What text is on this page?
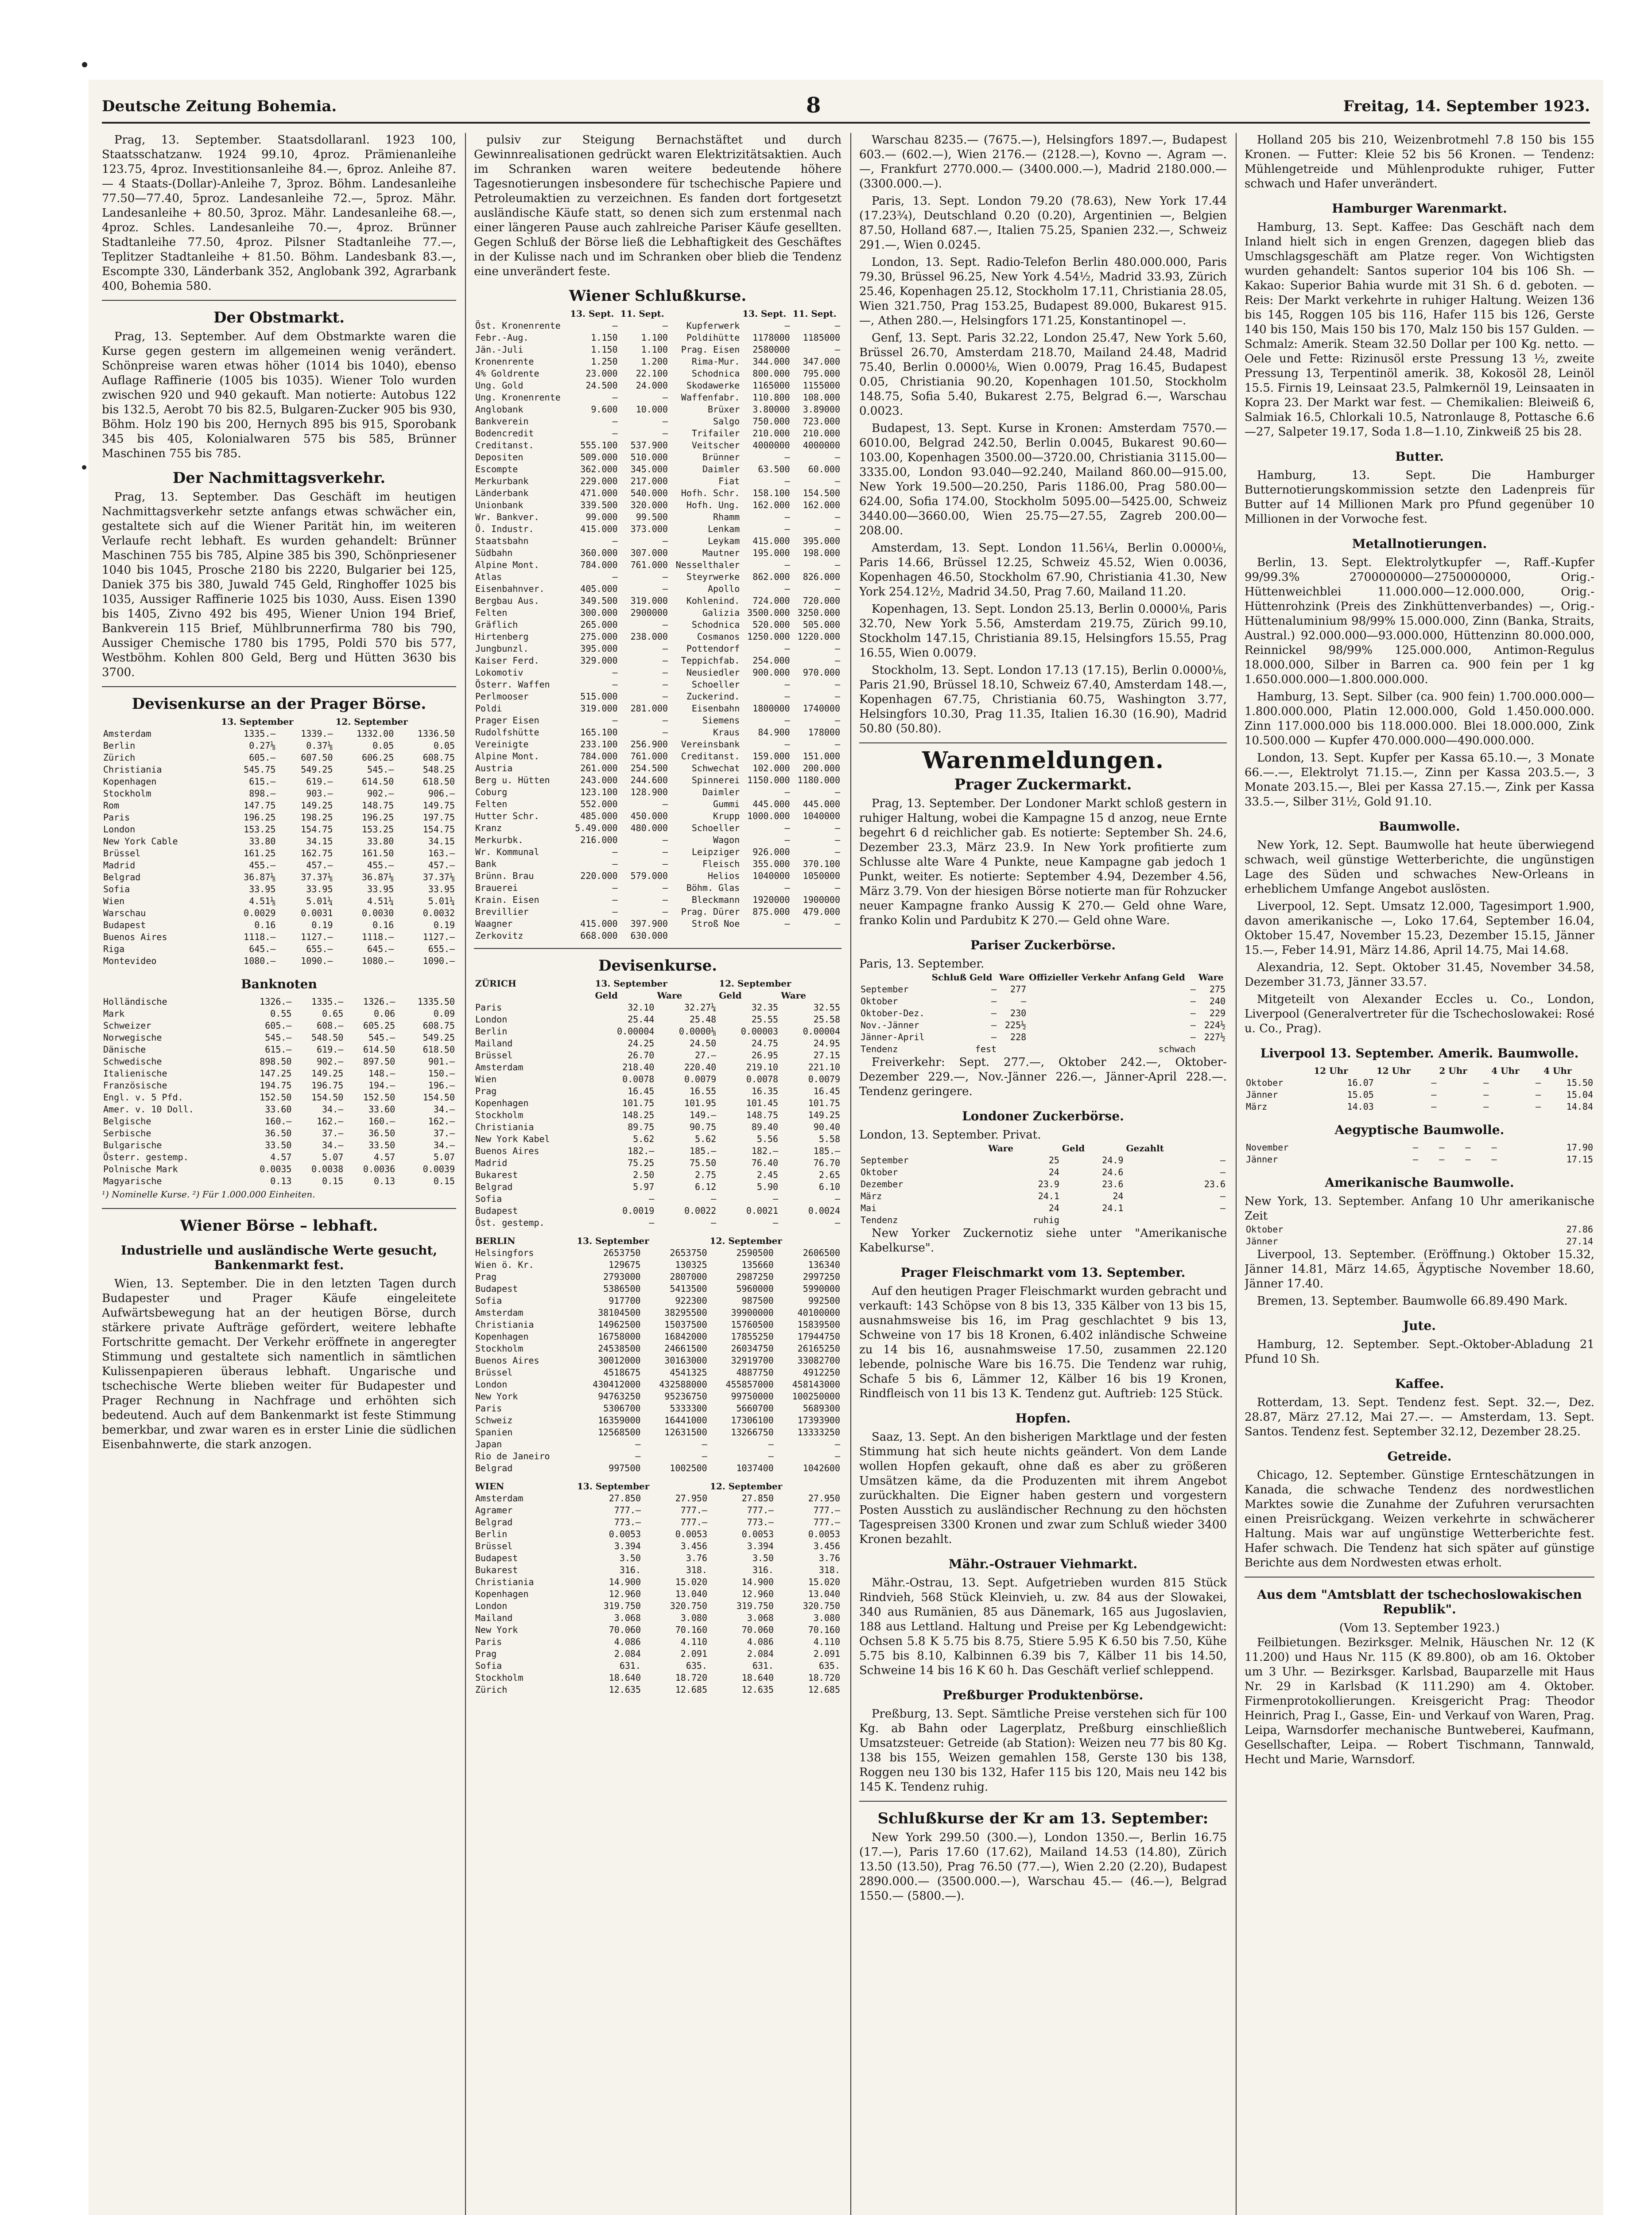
Deutsche Zeitung Bohemia.	8	Freitag, 14. September 1923.

Prag, 13. September. Staatsdollaranl. 1923 100, Staatsschatzanw. 1924 99.10, 4proz. Prämienanleihe 123.75, 4proz. Investitionsanleihe 84.—, 6proz. Anleihe 87.— 4 Staats-(Dollar)-Anleihe 7, 3proz. Böhm. Landesanleihe 77.50—77.40, 5proz. Landesanleihe 72.—, 5proz. Mähr. Landesanleihe + 80.50, 3proz. Mähr. Landesanleihe 68.—, 4proz. Schles. Landesanleihe 70.—, 4proz. Brünner Stadtanleihe 77.50, 4proz. Pilsner Stadtanleihe 77.—, Teplitzer Stadtanleihe + 81.50. Böhm. Landesbank 83.—, Escompte 330, Länderbank 352, Anglobank 392, Agrarbank 400, Bohemia 580.

Der Obstmarkt.

Prag, 13. September. Auf dem Obstmarkte waren die Kurse gegen gestern im allgemeinen wenig verändert. Schönpreise waren etwas höher (1014 bis 1040), ebenso Auflage Raffinerie (1005 bis 1035). Wiener Tolo wurden zwischen 920 und 940 gekauft. Man notierte: Autobus 122 bis 132.5, Aerobt 70 bis 82.5, Bulgaren-Zucker 905 bis 930, Böhm. Holz 190 bis 200, Hernych 895 bis 915, Sporobank 345 bis 405, Kolonialwaren 575 bis 585, Brünner Maschinen 755 bis 785.

Der Nachmittagsverkehr.

Prag, 13. September. Das Geschäft im heutigen Nachmittagsverkehr setzte anfangs etwas schwächer ein, gestaltete sich auf die Wiener Parität hin, im weiteren Verlaufe recht lebhaft. Es wurden gehandelt: Brünner Maschinen 755 bis 785, Alpine 385 bis 390, Schönpriesener 1040 bis 1045, Prosche 2180 bis 2220, Bulgarier bei 125, Daniek 375 bis 380, Juwald 745 Geld, Ringhoffer 1025 bis 1035, Aussiger Raffinerie 1025 bis 1030, Auss. Eisen 1390 bis 1405, Zivno 492 bis 495, Wiener Union 194 Brief, Bankverein 115 Brief, Mühlbrunnerfirma 780 bis 790, Aussiger Chemische 1780 bis 1795, Poldi 570 bis 577, Westböhm. Kohlen 800 Geld, Berg und Hütten 3630 bis 3700.

Devisenkurse an der Prager Börse.
	13. September		12. September	
Amsterdam	1335.—	1339.—	1332.00	1336.50
Berlin	0.27⅛	0.37⅛	0.05	0.05
Zürich	605.—	607.50	606.25	608.75
Christiania	545.75	549.25	545.—	548.25
Kopenhagen	615.—	619.—	614.50	618.50
Stockholm	898.—	903.—	902.—	906.—
Rom	147.75	149.25	148.75	149.75
Paris	196.25	198.25	196.25	197.75
London	153.25	154.75	153.25	154.75
New York Cable	33.80	34.15	33.80	34.15
Brüssel	161.25	162.75	161.50	163.—
Madrid	455.—	457.—	455.—	457.—
Belgrad	36.87⅛	37.37⅛	36.87⅛	37.37⅛
Sofia	33.95	33.95	33.95	33.95
Wien	4.51⅛	5.01¼	4.51¼	5.01¼
Warschau	0.0029	0.0031	0.0030	0.0032
Budapest	0.16	0.19	0.16	0.19
Buenos Aires	1118.—	1127.—	1118.—	1127.—
Riga	645.—	655.—	645.—	655.—
Montevideo	1080.—	1090.—	1080.—	1090.—
Banknoten
Holländische	1326.—	1335.—	1326.—	1335.50
Mark	0.55	0.65	0.06	0.09
Schweizer	605.—	608.—	605.25	608.75
Norwegische	545.—	548.50	545.—	549.25
Dänische	615.—	619.—	614.50	618.50
Schwedische	898.50	902.—	897.50	901.—
Italienische	147.25	149.25	148.—	150.—
Französische	194.75	196.75	194.—	196.—
Engl. v. 5 Pfd.	152.50	154.50	152.50	154.50
Amer. v. 10 Doll.	33.60	34.—	33.60	34.—
Belgische	160.—	162.—	160.—	162.—
Serbische	36.50	37.—	36.50	37.—
Bulgarische	33.50	34.—	33.50	34.—
Österr. gestemp.	4.57	5.07	4.57	5.07
Polnische Mark	0.0035	0.0038	0.0036	0.0039
Magyarische	0.13	0.15	0.13	0.15
¹) Nominelle Kurse. ²) Für 1.000.000 Einheiten.
Wiener Börse – lebhaft.
Industrielle und ausländische Werte gesucht, Bankenmarkt fest.

Wien, 13. September. Die in den letzten Tagen durch Budapester und Prager Käufe eingeleitete Aufwärtsbewegung hat an der heutigen Börse, durch stärkere private Aufträge gefördert, weitere lebhafte Fortschritte gemacht. Der Verkehr eröffnete in angeregter Stimmung und gestaltete sich namentlich in sämtlichen Kulissenpapieren überaus lebhaft. Ungarische und tschechische Werte blieben weiter für Budapester und Prager Rechnung in Nachfrage und erhöhten sich bedeutend. Auch auf dem Bankenmarkt ist feste Stimmung bemerkbar, und zwar waren es in erster Linie die südlichen Eisenbahnwerte, die stark anzogen.

pulsiv zur Steigung Bernachstäftet und durch Gewinnrealisationen gedrückt waren Elektrizitätsaktien. Auch im Schranken waren weitere bedeutende höhere Tagesnotierungen insbesondere für tschechische Papiere und Petroleumaktien zu verzeichnen. Es fanden dort fortgesetzt ausländische Käufe statt, so denen sich zum erstenmal nach einer längeren Pause auch zahlreiche Pariser Käufe gesellten. Gegen Schluß der Börse ließ die Lebhaftigkeit des Geschäftes in der Kulisse nach und im Schranken ober blieb die Tendenz eine unverändert feste.

Wiener Schlußkurse.
	13. Sept.	11. Sept.		13. Sept.	11. Sept.
Öst. Kronenrente	—	—	Kupferwerk	—	—
Febr.-Aug.	1.150	1.100	Poldihütte	1178000	1185000
Jän.-Juli	1.150	1.100	Prag. Eisen	2580000	—
Kronenrente	1.250	1.200	Rima-Mur.	344.000	347.000
4% Goldrente	23.000	22.100	Schodnica	800.000	795.000
Ung. Gold	24.500	24.000	Skodawerke	1165000	1155000
Ung. Kronenrente	—	—	Waffenfabr.	110.800	108.000
Anglobank	9.600	10.000	Brüxer	3.80000	3.89000
Bankverein	—	—	Salgo	750.000	723.000
Bodencredit	—	—	Trifailer	210.000	210.000
Creditanst.	555.100	537.900	Veitscher	4000000	4000000
Depositen	509.000	510.000	Brünner	—	—
Escompte	362.000	345.000	Daimler	63.500	60.000
Merkurbank	229.000	217.000	Fiat	—	—
Länderbank	471.000	540.000	Hofh. Schr.	158.100	154.500
Unionbank	339.500	320.000	Hofh. Ung.	162.000	162.000
Wr. Bankver.	99.000	99.500	Rhamm	—	—
Ö. Industr.	415.000	373.000	Lenkam	—	—
Staatsbahn	—	—	Leykam	415.000	395.000
Südbahn	360.000	307.000	Mautner	195.000	198.000
Alpine Mont.	784.000	761.000	Nesselthaler	—	—
Atlas	—	—	Steyrwerke	862.000	826.000
Eisenbahnver.	405.000	—	Apollo	—	—
Bergbau Aus.	349.500	319.000	Kohlenind.	724.000	720.000
Felten	300.000	2900000	Galizia	3500.000	3250.000
Gräflich	265.000	—	Schodnica	520.000	505.000
Hirtenberg	275.000	238.000	Cosmanos	1250.000	1220.000
Jungbunzl.	395.000	—	Pottendorf	—	—
Kaiser Ferd.	329.000	—	Teppichfab.	254.000	—
Lokomotiv	—	—	Neusiedler	900.000	970.000
Österr. Waffen	—	—	Schoeller	—	—
Perlmooser	515.000	—	Zuckerind.	—	—
Poldi	319.000	281.000	Eisenbahn	1800000	1740000
Prager Eisen	—	—	Siemens	—	—
Rudolfshütte	165.100	—	Kraus	84.900	178000
Vereinigte	233.100	256.900	Vereinsbank	—	—
Alpine Mont.	784.000	761.000	Creditanst.	159.000	151.000
Austria	261.000	254.500	Schwechat	102.000	200.000
Berg u. Hütten	243.000	244.600	Spinnerei	1150.000	1180.000
Coburg	123.100	128.900	Daimler	—	—
Felten	552.000	—	Gummi	445.000	445.000
Hutter Schr.	485.000	450.000	Krupp	1000.000	1040000
Kranz	5.49.000	480.000	Schoeller	—	—
Merkurbk.	216.000	—	Wagon	—	—
Wr. Kommunal	—	—	Leipziger	926.000	—
Bank	—	—	Fleisch	355.000	370.100
Brünn. Brau	220.000	579.000	Helios	1040000	1050000
Brauerei	—	—	Böhm. Glas	—	—
Krain. Eisen	—	—	Bleckmann	1920000	1900000
Brevillier	—	—	Prag. Dürer	875.000	479.000
Waagner	415.000	397.900	Stroß Noe	—	—
Zerkovitz	668.000	630.000			
Devisenkurse.
ZÜRICH	13. September		12. September	
	Geld	Ware	Geld	Ware
Paris	32.10	32.27¼	32.35	32.55
London	25.44	25.48	25.55	25.58
Berlin	0.00004	0.0000⅛	0.00003	0.00004
Mailand	24.25	24.50	24.75	24.95
Brüssel	26.70	27.—	26.95	27.15
Amsterdam	218.40	220.40	219.10	221.10
Wien	0.0078	0.0079	0.0078	0.0079
Prag	16.45	16.55	16.35	16.45
Kopenhagen	101.75	101.95	101.45	101.75
Stockholm	148.25	149.—	148.75	149.25
Christiania	89.75	90.75	89.40	90.40
New York Kabel	5.62	5.62	5.56	5.58
Buenos Aires	182.—	185.—	182.—	185.—
Madrid	75.25	75.50	76.40	76.70
Bukarest	2.50	2.75	2.45	2.65
Belgrad	5.97	6.12	5.90	6.10
Sofia	—	—	—	—
Budapest	0.0019	0.0022	0.0021	0.0024
Öst. gestemp.	—	—	—	—
BERLIN	13. September		12. September	
Helsingfors	2653750	2653750	2590500	2606500
Wien ö. Kr.	129675	130325	135660	136340
Prag	2793000	2807000	2987250	2997250
Budapest	5386500	5413500	5960000	5990000
Sofia	917700	922300	987500	992500
Amsterdam	38104500	38295500	39900000	40100000
Christiania	14962500	15037500	15760500	15839500
Kopenhagen	16758000	16842000	17855250	17944750
Stockholm	24538500	24661500	26034750	26165250
Buenos Aires	30012000	30163000	32919700	33082700
Brüssel	4518675	4541325	4887750	4912250
London	430412000	432588000	455857000	458143000
New York	94763250	95236750	99750000	100250000
Paris	5306700	5333300	5660700	5689300
Schweiz	16359000	16441000	17306100	17393900
Spanien	12568500	12631500	13266750	13333250
Japan	—	—	—	—
Rio de Janeiro	—	—	—	—
Belgrad	997500	1002500	1037400	1042600
WIEN	13. September		12. September	
Amsterdam	27.850	27.950	27.850	27.950
Agramer	777.—	777.—	777.—	777.—
Belgrad	773.—	777.—	773.—	777.—
Berlin	0.0053	0.0053	0.0053	0.0053
Brüssel	3.394	3.456	3.394	3.456
Budapest	3.50	3.76	3.50	3.76
Bukarest	316.	318.	316.	318.
Christiania	14.900	15.020	14.900	15.020
Kopenhagen	12.960	13.040	12.960	13.040
London	319.750	320.750	319.750	320.750
Mailand	3.068	3.080	3.068	3.080
New York	70.060	70.160	70.060	70.160
Paris	4.086	4.110	4.086	4.110
Prag	2.084	2.091	2.084	2.091
Sofia	631.	635.	631.	635.
Stockholm	18.640	18.720	18.640	18.720
Zürich	12.635	12.685	12.635	12.685

Warschau 8235.— (7675.—), Helsingfors 1897.—, Budapest 603.— (602.—), Wien 2176.— (2128.—), Kovno —. Agram —.—, Frankfurt 2770.000.— (3400.000.—), Madrid 2180.000.— (3300.000.—).

Paris, 13. Sept. London 79.20 (78.63), New York 17.44 (17.23¾), Deutschland 0.20 (0.20), Argentinien —, Belgien 87.50, Holland 687.—, Italien 75.25, Spanien 232.—, Schweiz 291.—, Wien 0.0245.

London, 13. Sept. Radio-Telefon Berlin 480.000.000, Paris 79.30, Brüssel 96.25, New York 4.54½, Madrid 33.93, Zürich 25.46, Kopenhagen 25.12, Stockholm 17.11, Christiania 28.05, Wien 321.750, Prag 153.25, Budapest 89.000, Bukarest 915.—, Athen 280.—, Helsingfors 171.25, Konstantinopel —.

Genf, 13. Sept. Paris 32.22, London 25.47, New York 5.60, Brüssel 26.70, Amsterdam 218.70, Mailand 24.48, Madrid 75.40, Berlin 0.0000⅛, Wien 0.0079, Prag 16.45, Budapest 0.05, Christiania 90.20, Kopenhagen 101.50, Stockholm 148.75, Sofia 5.40, Bukarest 2.75, Belgrad 6.—, Warschau 0.0023.

Budapest, 13. Sept. Kurse in Kronen: Amsterdam 7570.—6010.00, Belgrad 242.50, Berlin 0.0045, Bukarest 90.60—103.00, Kopenhagen 3500.00—3720.00, Christiania 3115.00—3335.00, London 93.040—92.240, Mailand 860.00—915.00, New York 19.500—20.250, Paris 1186.00, Prag 580.00—624.00, Sofia 174.00, Stockholm 5095.00—5425.00, Schweiz 3440.00—3660.00, Wien 25.75—27.55, Zagreb 200.00—208.00.

Amsterdam, 13. Sept. London 11.56¼, Berlin 0.0000⅛, Paris 14.66, Brüssel 12.25, Schweiz 45.52, Wien 0.0036, Kopenhagen 46.50, Stockholm 67.90, Christiania 41.30, New York 254.12½, Madrid 34.50, Prag 7.60, Mailand 11.20.

Kopenhagen, 13. Sept. London 25.13, Berlin 0.0000⅛, Paris 32.70, New York 5.56, Amsterdam 219.75, Zürich 99.10, Stockholm 147.15, Christiania 89.15, Helsingfors 15.55, Prag 16.55, Wien 0.0079.

Stockholm, 13. Sept. London 17.13 (17.15), Berlin 0.0000⅛, Paris 21.90, Brüssel 18.10, Schweiz 67.40, Amsterdam 148.—, Kopenhagen 67.75, Christiania 60.75, Washington 3.77, Helsingfors 10.30, Prag 11.35, Italien 16.30 (16.90), Madrid 50.80 (50.80).

Warenmeldungen.
Prager Zuckermarkt.

Prag, 13. September. Der Londoner Markt schloß gestern in ruhiger Haltung, wobei die Kampagne 15 d anzog, neue Ernte begehrt 6 d reichlicher gab. Es notierte: September Sh. 24.6, Dezember 23.3, März 23.9. In New York profitierte zum Schlusse alte Ware 4 Punkte, neue Kampagne gab jedoch 1 Punkt, weiter. Es notierte: September 4.94, Dezember 4.56, März 3.79. Von der hiesigen Börse notierte man für Rohzucker neuer Kampagne franko Aussig K 270.— Geld ohne Ware, franko Kolin und Pardubitz K 270.— Geld ohne Ware.

Pariser Zuckerbörse.
Paris, 13. September.
	Schluß Geld	Ware	Offizieller Verkehr Anfang Geld	Ware
September	—	277	—	275
Oktober	—	—	—	240
Oktober-Dez.	—	230	—	229
Nov.-Jänner	—	225½	—	224½
Jänner-April	—	228	—	227½
Tendenz	fest		schwach	

Freiverkehr: Sept. 277.—, Oktober 242.—, Oktober-Dezember 229.—, Nov.-Jänner 226.—, Jänner-April 228.—. Tendenz geringere.

Londoner Zuckerbörse.
London, 13. September. Privat.
	Ware	Geld	Gezahlt
September	25	24.9	—
Oktober	24	24.6	—
Dezember	23.9	23.6	23.6
März	24.1	24	—
Mai	24	24.1	—
Tendenz	ruhig		

New Yorker Zuckernotiz siehe unter "Amerikanische Kabelkurse".

Prager Fleischmarkt vom 13. September.

Auf den heutigen Prager Fleischmarkt wurden gebracht und verkauft: 143 Schöpse von 8 bis 13, 335 Kälber von 13 bis 15, ausnahmsweise bis 16, im Prag geschlachtet 9 bis 13, Schweine von 17 bis 18 Kronen, 6.402 inländische Schweine zu 14 bis 16, ausnahmsweise 17.50, zusammen 22.120 lebende, polnische Ware bis 16.75. Die Tendenz war ruhig, Schafe 5 bis 6, Lämmer 12, Kälber 16 bis 19 Kronen, Rindfleisch von 11 bis 13 K. Tendenz gut. Auftrieb: 125 Stück.

Hopfen.

Saaz, 13. Sept. An den bisherigen Marktlage und der festen Stimmung hat sich heute nichts geändert. Von dem Lande wollen Hopfen gekauft, ohne daß es aber zu größeren Umsätzen käme, da die Produzenten mit ihrem Angebot zurückhalten. Die Eigner haben gestern und vorgestern Posten Ausstich zu ausländischer Rechnung zu den höchsten Tagespreisen 3300 Kronen und zwar zum Schluß wieder 3400 Kronen bezahlt.

Mähr.-Ostrauer Viehmarkt.

Mähr.-Ostrau, 13. Sept. Aufgetrieben wurden 815 Stück Rindvieh, 568 Stück Kleinvieh, u. zw. 84 aus der Slowakei, 340 aus Rumänien, 85 aus Dänemark, 165 aus Jugoslavien, 188 aus Lettland. Haltung und Preise per Kg Lebendgewicht: Ochsen 5.8 K 5.75 bis 8.75, Stiere 5.95 K 6.50 bis 7.50, Kühe 5.75 bis 8.10, Kalbinnen 6.39 bis 7, Kälber 11 bis 14.50, Schweine 14 bis 16 K 60 h. Das Geschäft verlief schleppend.

Preßburger Produktenbörse.

Preßburg, 13. Sept. Sämtliche Preise verstehen sich für 100 Kg. ab Bahn oder Lagerplatz, Preßburg einschließlich Umsatzsteuer: Getreide (ab Station): Weizen neu 77 bis 80 Kg. 138 bis 155, Weizen gemahlen 158, Gerste 130 bis 138, Roggen neu 130 bis 132, Hafer 115 bis 120, Mais neu 142 bis 145 K. Tendenz ruhig.

Schlußkurse der Kr am 13. September:

New York 299.50 (300.—), London 1350.—, Berlin 16.75 (17.—), Paris 17.60 (17.62), Mailand 14.53 (14.80), Zürich 13.50 (13.50), Prag 76.50 (77.—), Wien 2.20 (2.20), Budapest 2890.000.— (3500.000.—), Warschau 45.— (46.—), Belgrad 1550.— (5800.—).

Holland 205 bis 210, Weizenbrotmehl 7.8 150 bis 155 Kronen. — Futter: Kleie 52 bis 56 Kronen. — Tendenz: Mühlengetreide und Mühlenprodukte ruhiger, Futter schwach und Hafer unverändert.

Hamburger Warenmarkt.

Hamburg, 13. Sept. Kaffee: Das Geschäft nach dem Inland hielt sich in engen Grenzen, dagegen blieb das Umschlagsgeschäft am Platze reger. Von Wichtigsten wurden gehandelt: Santos superior 104 bis 106 Sh. — Kakao: Superior Bahia wurde mit 31 Sh. 6 d. geboten. — Reis: Der Markt verkehrte in ruhiger Haltung. Weizen 136 bis 145, Roggen 105 bis 116, Hafer 115 bis 126, Gerste 140 bis 150, Mais 150 bis 170, Malz 150 bis 157 Gulden. — Schmalz: Amerik. Steam 32.50 Dollar per 100 Kg. netto. — Oele und Fette: Rizinusöl erste Pressung 13 ½, zweite Pressung 13, Terpentinöl amerik. 38, Kokosöl 28, Leinöl 15.5. Firnis 19, Leinsaat 23.5, Palmkernöl 19, Leinsaaten in Kopra 23. Der Markt war fest. — Chemikalien: Bleiweiß 6, Salmiak 16.5, Chlorkali 10.5, Natronlauge 8, Pottasche 6.6—27, Salpeter 19.17, Soda 1.8—1.10, Zinkweiß 25 bis 28.

Butter.

Hamburg, 13. Sept. Die Hamburger Butternotierungskommission setzte den Ladenpreis für Butter auf 14 Millionen Mark pro Pfund gegenüber 10 Millionen in der Vorwoche fest.

Metallnotierungen.

Berlin, 13. Sept. Elektrolytkupfer —, Raff.-Kupfer 99/99.3% 2700000000—2750000000, Orig.-Hüttenweichblei 11.000.000—12.000.000, Orig.-Hüttenrohzink (Preis des Zinkhüttenverbandes) —, Orig.-Hüttenaluminium 98/99% 15.000.000, Zinn (Banka, Straits, Austral.) 92.000.000—93.000.000, Hüttenzinn 80.000.000, Reinnickel 98/99% 125.000.000, Antimon-Regulus 18.000.000, Silber in Barren ca. 900 fein per 1 kg 1.650.000.000—1.800.000.000.

Hamburg, 13. Sept. Silber (ca. 900 fein) 1.700.000.000—1.800.000.000, Platin 12.000.000, Gold 1.450.000.000. Zinn 117.000.000 bis 118.000.000. Blei 18.000.000, Zink 10.500.000 — Kupfer 470.000.000—490.000.000.

London, 13. Sept. Kupfer per Kassa 65.10.—, 3 Monate 66.—.—, Elektrolyt 71.15.—, Zinn per Kassa 203.5.—, 3 Monate 203.15.—, Blei per Kassa 27.15.—, Zink per Kassa 33.5.—, Silber 31½, Gold 91.10.

Baumwolle.

New York, 12. Sept. Baumwolle hat heute überwiegend schwach, weil günstige Wetterberichte, die ungünstigen Lage des Süden und schwaches New-Orleans in erheblichem Umfange Angebot auslösten.

Liverpool, 12. Sept. Umsatz 12.000, Tagesimport 1.900, davon amerikanische —, Loko 17.64, September 16.04, Oktober 15.47, November 15.23, Dezember 15.15, Jänner 15.—, Feber 14.91, März 14.86, April 14.75, Mai 14.68.

Alexandria, 12. Sept. Oktober 31.45, November 34.58, Dezember 31.73, Jänner 33.57.

Mitgeteilt von Alexander Eccles u. Co., London, Liverpool (Generalvertreter für die Tschechoslowakei: Rosé u. Co., Prag).

Liverpool 13. September. Amerik. Baumwolle.
	12 Uhr	12 Uhr	2 Uhr	4 Uhr	4 Uhr
Oktober	16.07	—	—	—	15.50
Jänner	15.05	—	—	—	15.04
März	14.03	—	—	—	14.84
Aegyptische Baumwolle.
November	—	—	—	—	17.90
Jänner	—	—	—	—	17.15
Amerikanische Baumwolle.
New York, 13. September. Anfang 10 Uhr amerikanische Zeit
Oktober	27.86
Jänner	27.14

Liverpool, 13. September. (Eröffnung.) Oktober 15.32, Jänner 14.81, März 14.65, Ägyptische November 18.60, Jänner 17.40.

Bremen, 13. September. Baumwolle 66.89.490 Mark.

Jute.

Hamburg, 12. September. Sept.-Oktober-Abladung 21 Pfund 10 Sh.

Kaffee.

Rotterdam, 13. Sept. Tendenz fest. Sept. 32.—, Dez. 28.87, März 27.12, Mai 27.—. — Amsterdam, 13. Sept. Santos. Tendenz fest. September 32.12, Dezember 28.25.

Getreide.

Chicago, 12. September. Günstige Ernteschätzungen in Kanada, die schwache Tendenz des nordwestlichen Marktes sowie die Zunahme der Zufuhren verursachten einen Preisrückgang. Weizen verkehrte in schwächerer Haltung. Mais war auf ungünstige Wetterberichte fest. Hafer schwach. Die Tendenz hat sich später auf günstige Berichte aus dem Nordwesten etwas erholt.

Aus dem "Amtsblatt der tschechoslowakischen Republik".
(Vom 13. September 1923.)

Feilbietungen. Bezirksger. Melnik, Häuschen Nr. 12 (K 11.200) und Haus Nr. 115 (K 89.800), ob am 16. Oktober um 3 Uhr. — Bezirksger. Karlsbad, Bauparzelle mit Haus Nr. 29 in Karlsbad (K 111.290) am 4. Oktober. Firmenprotokollierungen. Kreisgericht Prag: Theodor Heinrich, Prag I., Gasse, Ein- und Verkauf von Waren, Prag. Leipa, Warnsdorfer mechanische Buntweberei, Kaufmann, Gesellschafter, Leipa. — Robert Tischmann, Tannwald, Hecht und Marie, Warnsdorf.
